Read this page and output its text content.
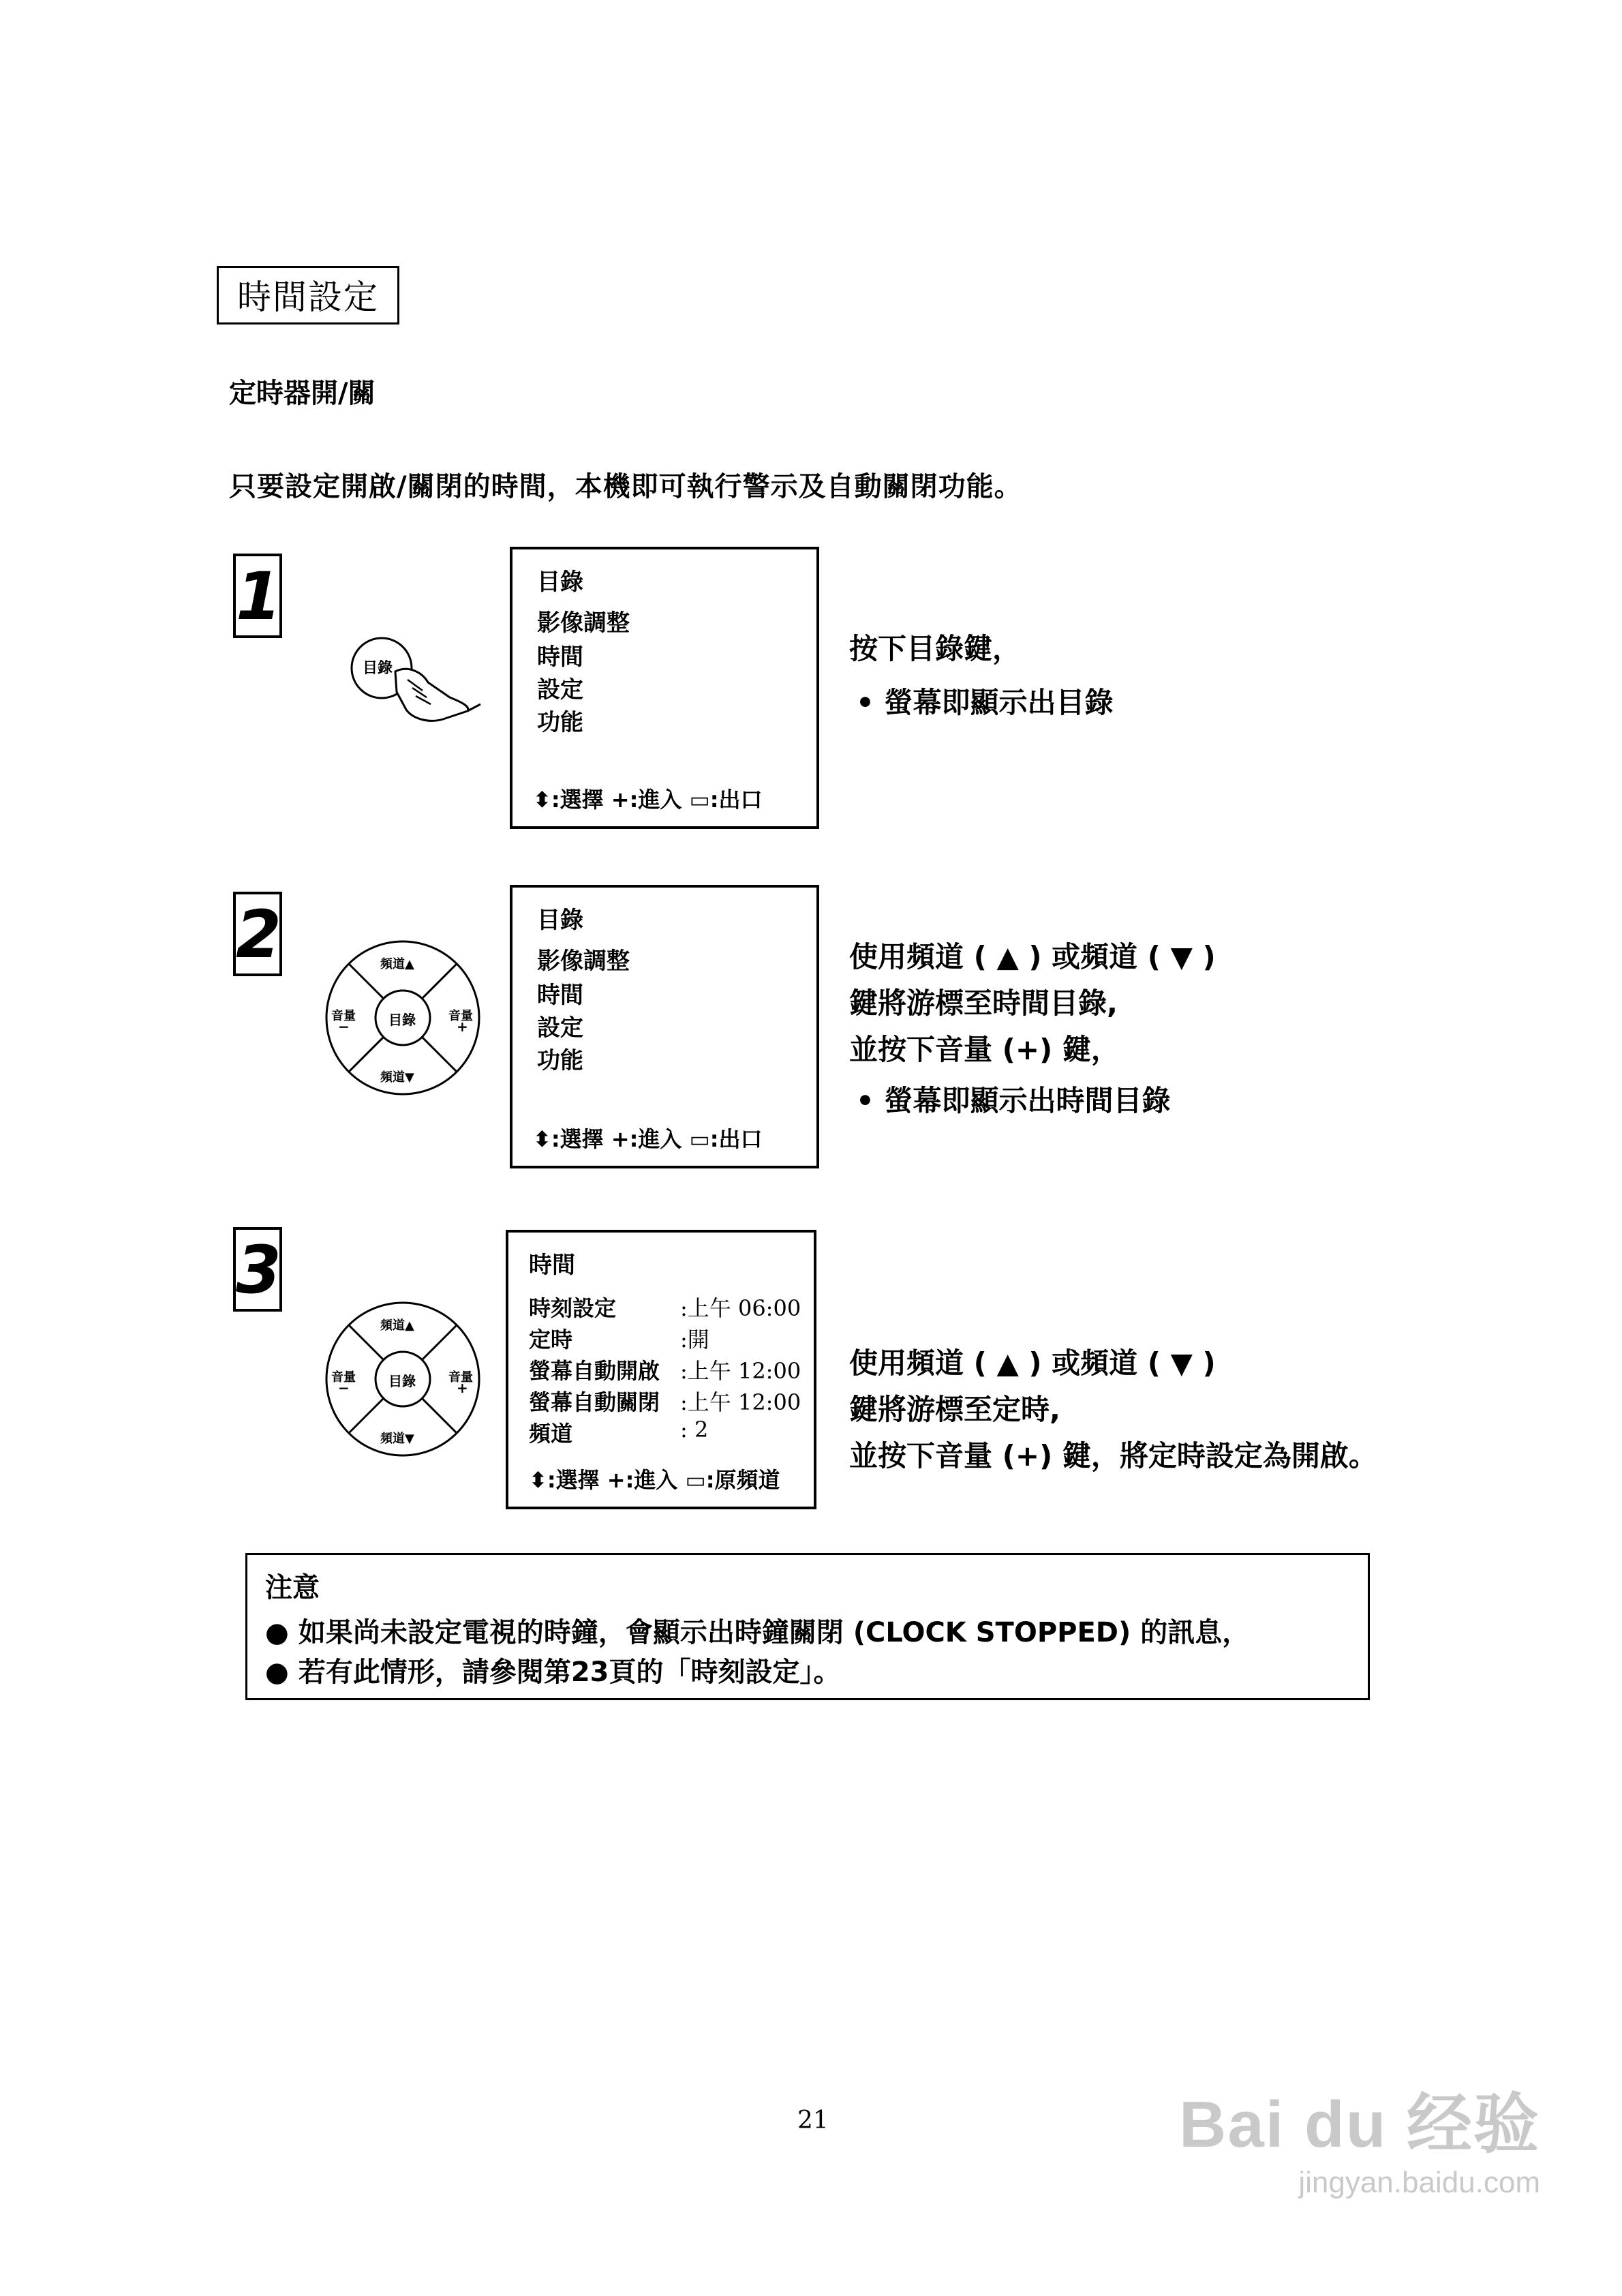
時間設定
定時器開/關
只要設定開啟/關閉的時間，本機即可執行警示及自動關閉功能。
1
目錄
目錄
影像調整
時間
設定
功能
⬍:選擇 +:進入 ▭:出口
按下目錄鍵，
• 螢幕即顯示出目錄
2	頻道▲
頻道▼
音量
−
音量
+
目錄
目錄
影像調整
時間
設定
功能
⬍:選擇 +:進入 ▭:出口
使用頻道 ( ▲ ) 或頻道 ( ▼ )
鍵將游標至時間目錄,
並按下音量 (+) 鍵，
• 螢幕即顯示出時間目錄
3
頻道▲
頻道▼
音量
−
音量
+
目錄
時間
時刻設定	:上午 06:00
定時	:開
螢幕自動開啟 :上午 12:00
螢幕自動關閉 :上午 12:00
頻道	: 2
⬍:選擇 +:進入 ▭:原頻道
使用頻道 ( ▲ ) 或頻道 ( ▼ )
鍵將游標至定時,
並按下音量 (+) 鍵，將定時設定為開啟。
注意
● 如果尚未設定電視的時鐘，會顯示出時鐘關閉 (CLOCK STOPPED) 的訊息，
● 若有此情形，請參閱第23頁的「時刻設定」。
21	Bai du 经验
jingyan.baidu.com
